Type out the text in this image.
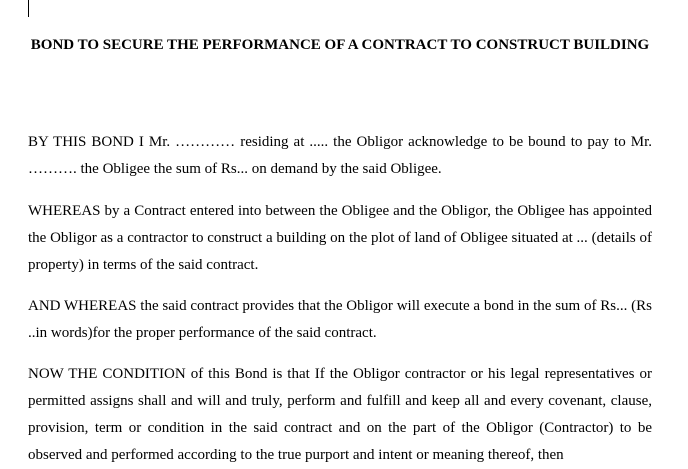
BOND TO SECURE THE PERFORMANCE OF A CONTRACT TO CONSTRUCT BUILDING

BY THIS BOND I Mr. ………… residing at ..... the Obligor acknowledge to be bound to pay to Mr. ………. the Obligee the sum of Rs... on demand by the said Obligee.

WHEREAS by a Contract entered into between the Obligee and the Obligor, the Obligee has appointed the Obligor as a contractor to construct a building on the plot of land of Obligee situated at ... (details of property) in terms of the said contract.

AND WHEREAS the said contract provides that the Obligor will execute a bond in the sum of Rs... (Rs ..in words)for the proper performance of the said contract.

NOW THE CONDITION of this Bond is that If the Obligor contractor or his legal representatives or permitted assigns shall and will and truly, perform and fulfill and keep all and every covenant, clause, provision, term or condition in the said contract and on the part of the Obligor (Contractor) to be observed and performed according to the true purport and intent or meaning thereof, then
